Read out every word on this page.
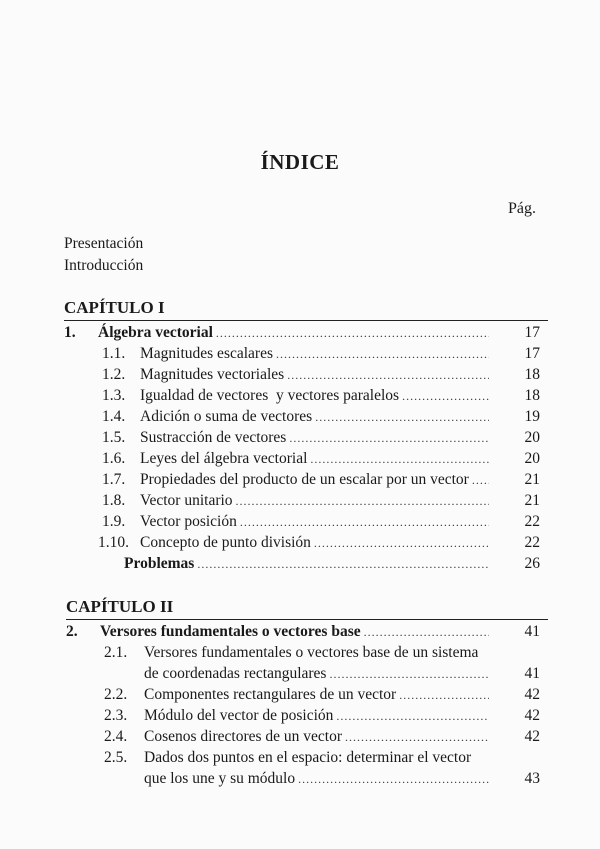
ÍNDICE
Pág.
Presentación
Introducción
CAPÍTULO I
1.	Álgebra vectorial .....	17
1.1. Magnitudes escalares .....	17
1.2. Magnitudes vectoriales .....	18
1.3. Igualdad de vectores  y vectores paralelos .....	18
1.4. Adición o suma de vectores .....	19
1.5. Sustracción de vectores .....	20
1.6. Leyes del álgebra vectorial .....	20
1.7. Propiedades del producto de un escalar por un vector .....	21
1.8. Vector unitario .....	21
1.9. Vector posición .....	22
1.10. Concepto de punto división .....	22
Problemas .....	26
CAPÍTULO II
2.	Versores fundamentales o vectores base .....	41
2.1. Versores fundamentales o vectores base de un sistema
de coordenadas rectangulares .....	41
2.2.	Componentes rectangulares de un vector .....	42
2.3.	Módulo del vector de posición .....	42
2.4.	Cosenos directores de un vector .....	42
2.5. Dados dos puntos en el espacio: determinar el vector
que los une y su módulo .....	43
